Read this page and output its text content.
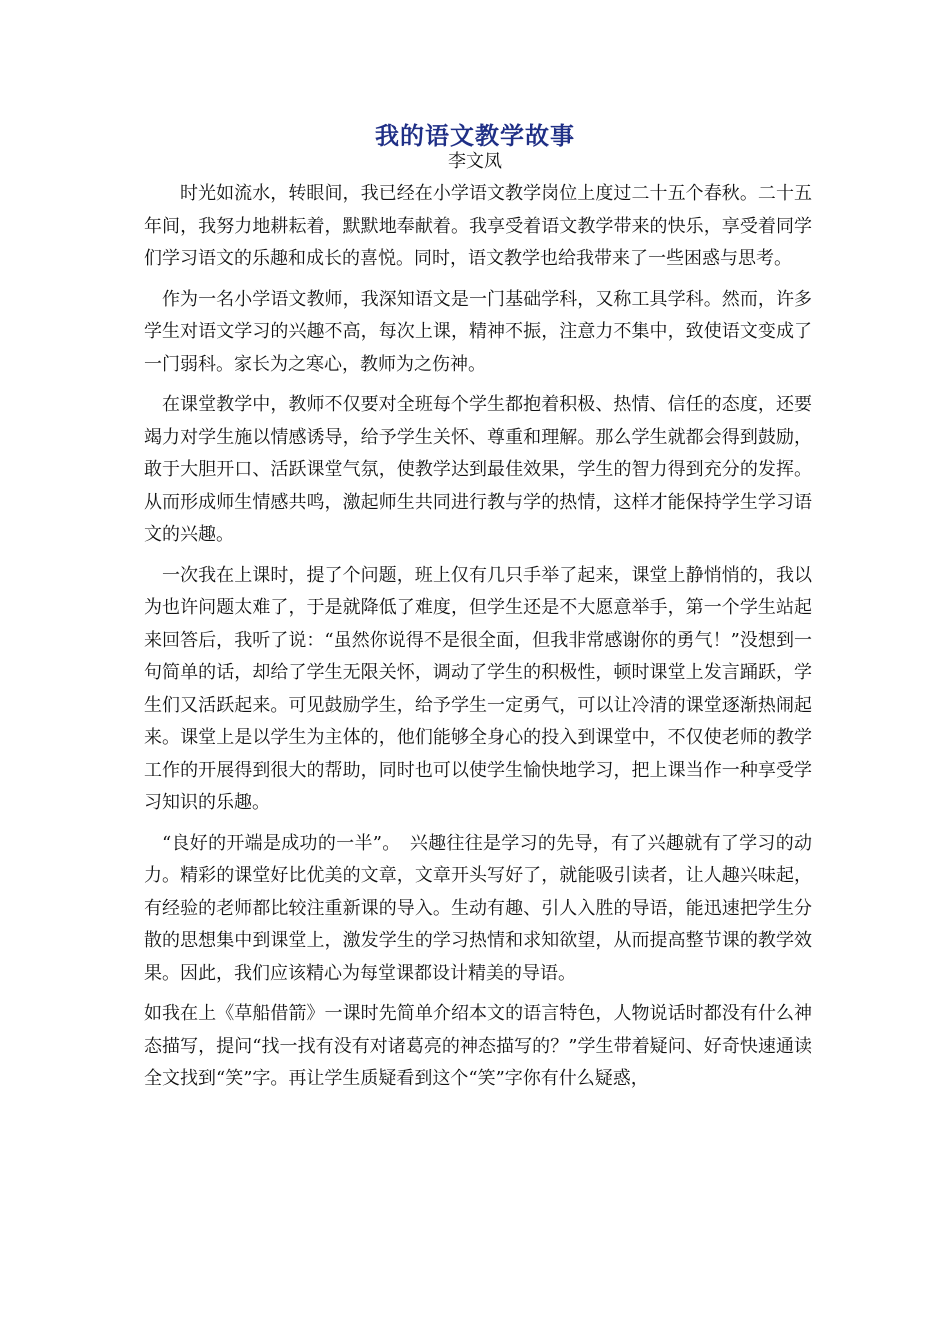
我的语文教学故事
李文凤

时光如流水，转眼间，我已经在小学语文教学岗位上度过二十五个春秋。二十五年间，我努力地耕耘着，默默地奉献着。我享受着语文教学带来的快乐，享受着同学们学习语文的乐趣和成长的喜悦。同时，语文教学也给我带来了一些困惑与思考。

作为一名小学语文教师，我深知语文是一门基础学科，又称工具学科。然而，许多学生对语文学习的兴趣不高，每次上课，精神不振，注意力不集中，致使语文变成了一门弱科。家长为之寒心，教师为之伤神。

在课堂教学中，教师不仅要对全班每个学生都抱着积极、热情、信任的态度，还要竭力对学生施以情感诱导，给予学生关怀、尊重和理解。那么学生就都会得到鼓励，敢于大胆开口、活跃课堂气氛，使教学达到最佳效果，学生的智力得到充分的发挥。从而形成师生情感共鸣，激起师生共同进行教与学的热情，这样才能保持学生学习语文的兴趣。

一次我在上课时，提了个问题，班上仅有几只手举了起来，课堂上静悄悄的，我以为也许问题太难了，于是就降低了难度，但学生还是不大愿意举手，第一个学生站起来回答后，我听了说：“虽然你说得不是很全面，但我非常感谢你的勇气！”没想到一句简单的话，却给了学生无限关怀，调动了学生的积极性，顿时课堂上发言踊跃，学生们又活跃起来。可见鼓励学生，给予学生一定勇气，可以让冷清的课堂逐渐热闹起来。课堂上是以学生为主体的，他们能够全身心的投入到课堂中，不仅使老师的教学工作的开展得到很大的帮助，同时也可以使学生愉快地学习，把上课当作一种享受学习知识的乐趣。

“良好的开端是成功的一半”。　兴趣往往是学习的先导，有了兴趣就有了学习的动力。精彩的课堂好比优美的文章，文章开头写好了，就能吸引读者，让人趣兴味起，有经验的老师都比较注重新课的导入。生动有趣、引人入胜的导语，能迅速把学生分散的思想集中到课堂上，激发学生的学习热情和求知欲望，从而提高整节课的教学效果。因此，我们应该精心为每堂课都设计精美的导语。

如我在上《草船借箭》一课时先简单介绍本文的语言特色，人物说话时都没有什么神态描写，提问“找一找有没有对诸葛亮的神态描写的？”学生带着疑问、好奇快速通读全文找到“笑”字。再让学生质疑看到这个“笑”字你有什么疑惑，
